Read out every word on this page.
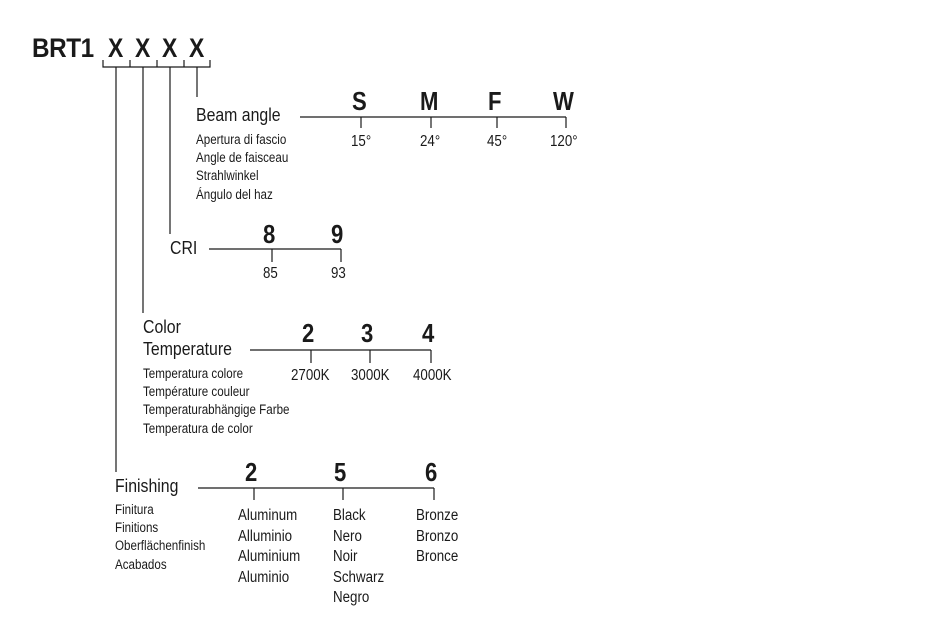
BRT1 X X X X
Beam angle
Apertura di fascio
Angle de faisceau
Strahlwinkel
Ángulo del haz
S M F W
15°	24°	45°	120°
CRI	8 9
85	93
Color
Temperature
Temperatura colore
Température couleur
Temperaturabhängige Farbe
Temperatura de color
2 3 4
2700K 3000K 4000K
Finishing
Finitura
Finitions
Oberflächenfinish
Acabados
2	5	6
Aluminum
Alluminio
Aluminium
Aluminio
Black
Nero
Noir
Schwarz
Negro
Bronze
Bronzo
Bronce
